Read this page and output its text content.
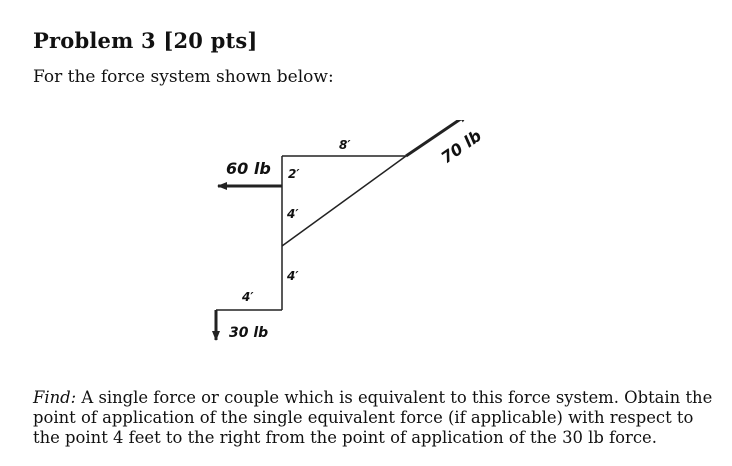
Problem 3 [20 pts]
For the force system shown below:
60 lb
70 lb
30 lb
8′
2′
4′
4′
4′
Find: A single force or couple which is equivalent to this force system. Obtain the point of application of the single equivalent force (if applicable) with respect to the point 4 feet to the right from the point of application of the 30 lb force.
